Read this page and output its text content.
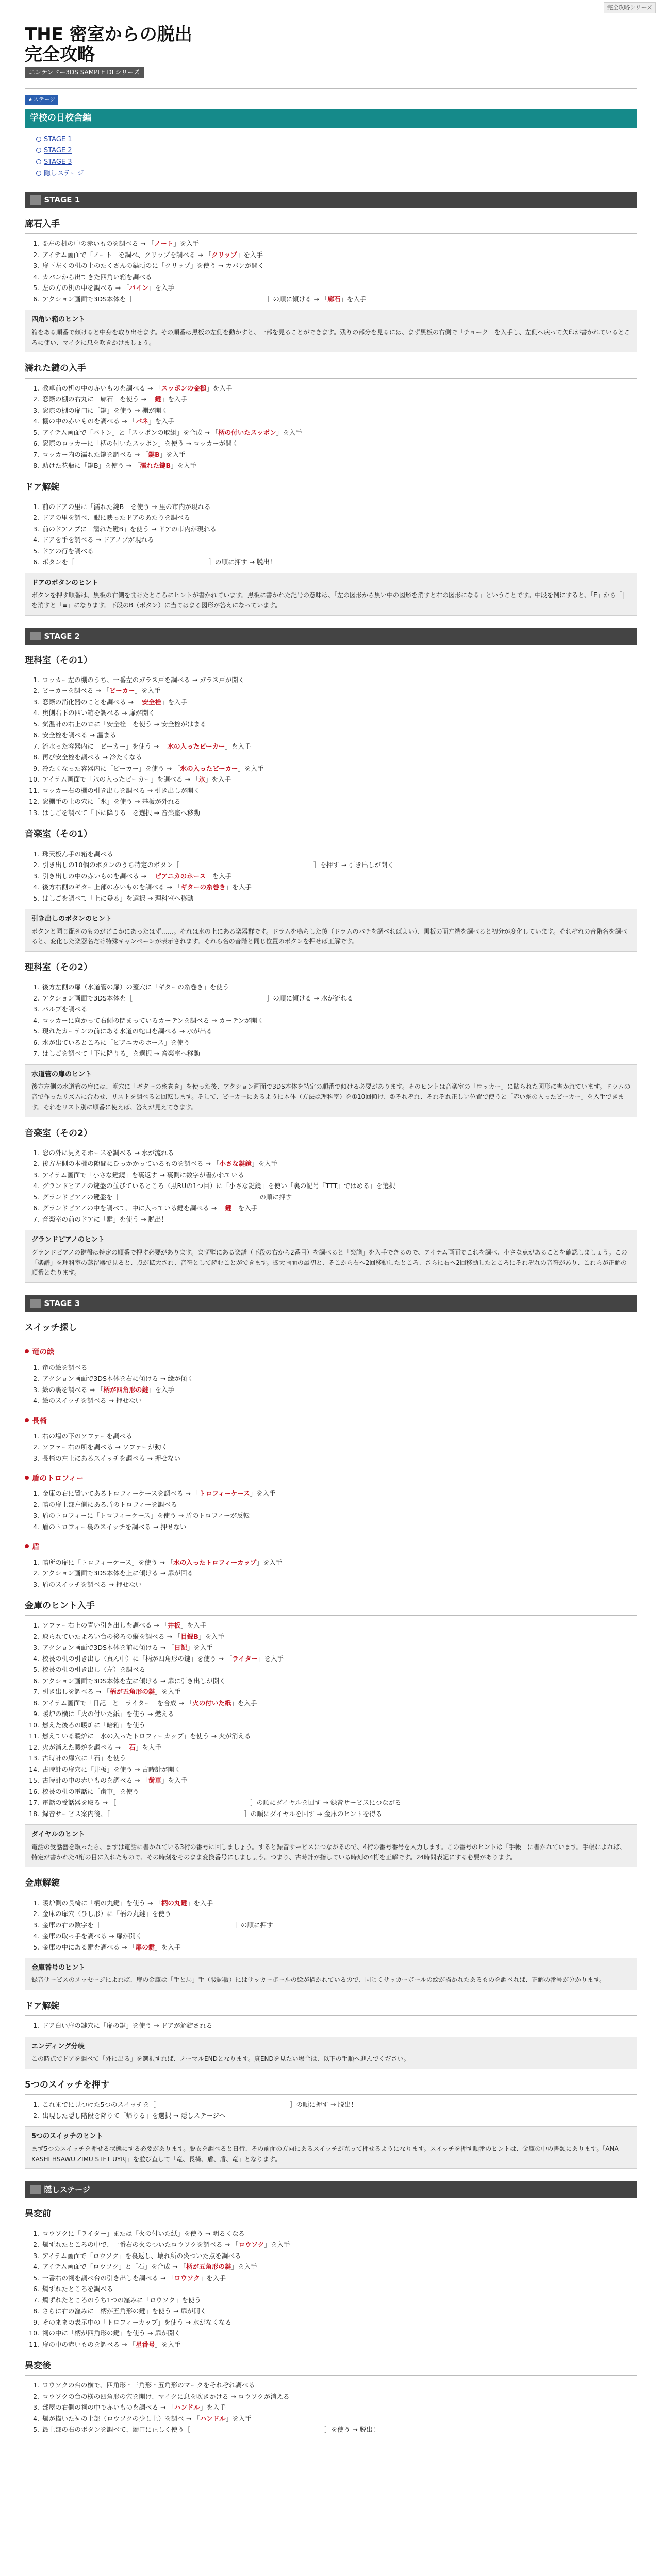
完全攻略シリーズ
THE 密室からの脱出
完全攻略
ニンテンドー3DS SAMPLE DLシリーズ
★ステージ
学校の日校舎編
STAGE 1
STAGE 2
STAGE 3
隠しステージ
STAGE 1
廊石入手
1. ①左の机の中の赤いものを調べる → 「ノート」を入手
2. アイテム画面で「ノート」を調べ、クリップを調べる → 「クリップ」を入手
3. 扉下左くの机の上のたくさんの鍋頃のに「クリップ」を使う → カバンが開く
4. カバンから出てきた四角い箱を調べる
5. 左の方の机の中を調べる → 「パイン」を入手
6. アクション画面で3DS本体を［	］の順に傾ける → 「廊石」を入手
四角い箱のヒント
箱をある順番で傾けると中身を取り出せます。その順番は黒板の左側を動かすと、一部を見ることができます。残りの部分を見るには、まず黒板の右側で「チョーク」を入手し、左側へ戻って矢印が書かれているところに使い、マイクに息を吹きかけましょう。
濡れた鍵の入手
1. 教卓前の机の中の赤いものを調べる → 「スッポンの金槌」を入手
2. 窓際の棚の右丸に「廊石」を使う → 「鍵」を入手
3. 窓際の棚の扉口に「鍵」を使う → 棚が開く
4. 棚の中の赤いものを調べる → 「バネ」を入手
5. アイテム画面で「バトン」と「スッポンの取組」を合成 → 「柄の付いたスッポン」を入手
6. 窓際のロッカーに「柄の付いたスッポン」を使う → ロッカーが開く
7. ロッカー内の濡れた鍵を調べる → 「鍵B」を入手
8. 助けた花瓶に「鍵B」を使う → 「濡れた鍵B」を入手
ドア解錠
1. 前のドアの里に「濡れた鍵B」を使う → 里の市内が現れる
2. ドアの里を調べ、眼に映ったドアのあたりを調べる
3. 前のドアノブに「濡れた鍵B」を使う → ドアの市内が現れる
4. ドアを手を調べる → ドアノブが現れる
5. ドアの行を調べる
6. ボタンを［	］の順に押す → 脱出！
ドアのボタンのヒント
ボタンを押す順番は、黒板の右側を開けたところにヒントが書かれています。黒板に書かれた記号の意味は、「左の図形から黒い中の図形を消すと右の図形になる」ということです。中段を例にすると、「E」から「|」を消すと「≡」になります。下段のB（ボタン）に当てはまる図形が答えになっています。
STAGE 2
理科室（その1）
1. ロッカー左の棚のうち、一番左のガラス戸を調べる → ガラス戸が開く
2. ビーカーを調べる → 「ビーカー」を入手
3. 窓際の消化器のことを調べる → 「安全栓」を入手
4. 奥側右下の四い箱を調べる → 扉が開く
5. 気温計の右上のロに「安全栓」を使う → 安全栓がはまる
6. 安全栓を調べる → 温まる
7. 流水った容器内に「ビーカー」を使う → 「水の入ったビーカー」を入手
8. 再び安全栓を調べる → 冷たくなる
9. 冷たくなった容器内に「ビーカー」を使う → 「氷の入ったビーカー」を入手
10. アイテム画面で「氷の入ったビーカー」を調べる → 「氷」を入手
11. ロッカー右の棚の引き出しを調べる → 引き出しが開く
12. 窓棚手の上の穴に「氷」を使う → 基板が外れる
13. はしごを調べて「下に降りる」を選択 → 音楽室へ移動
音楽室（その1）
1. 珠天板ん手の箱を調べる
2. 引き出しの10個のボタンのうち特定のボタン［	］を押す → 引き出しが開く
3. 引き出しの中の赤いものを調べる → 「ピアニカのホース」を入手
4. 後方右側のギター上部の赤いものを調べる → 「ギターの糸巻き」を入手
5. はしごを調べて「上に登る」を選択 → 理科室へ移動
引き出しのボタンのヒント
ボタンと同じ配列のものがどこかにあったはず……。それは水の上にある楽器群です。ドラムを鳴らした後（ドラムのバチを調べればよい）、黒板の面左端を調べると初分が変化しています。それぞれの音階名を調べると、変化した楽器名だけ特殊キャンペーンが表示されます。それら名の音階と同じ位置のボタンを押せば正解です。
理科室（その2）
1. 後方左側の扉（水道管の扉）の蓋穴に「ギターの糸巻き」を使う
2. アクション画面で3DS本体を［	］の順に傾ける → 水が流れる
3. バルブを調べる
4. ロッカーに向かって右側の閉まっているカーテンを調べる → カーテンが開く
5. 現れたカーテンの前にある水道の蛇口を調べる → 水が出る
6. 水が出ているところに「ピアニカのホース」を使う
7. はしごを調べて「下に降りる」を選択 → 音楽室へ移動
水道管の扉のヒント
後方左側の水道管の扉には、蓋穴に「ギターの糸巻き」を使った後、アクション画面で3DS本体を特定の順番で傾ける必要があります。そのヒントは音楽室の「ロッカー」に貼られた図形に書かれています。ドラムの音で作ったリズムに合わせ、リストを調べると回転します。そして、ビーカーにあるように本体（方法は理科室）を①10回傾け、②それぞれ、それぞれ正しい位置で使うと「赤い糸の入ったビーカー」を入手できます。それをリスト別に順番に使えば、答えが見えてきます。
音楽室（その2）
1. 窓の外に見えるホースを調べる → 水が流れる
2. 後方左側の本棚の隙間にひっかかっているものを調べる → 「小さな鍵鏡」を入手
3. アイテム画面で「小さな鍵鏡」を裏返す → 裏側に数字が書かれている
4. グランドピアノの鍵盤の並びているところ（黒RUの1つ目）に「小さな鍵鏡」を使い「裏の記号『TTT』ではめる」を選択
5. グランドピアノの鍵盤を［	］の順に押す
6. グランドピアノの中を調べて、中に入っている鍵を調べる → 「鍵」を入手
7. 音楽室の前のドアに「鍵」を使う → 脱出！
グランドピアノのヒント
グランドピアノの鍵盤は特定の順番で押す必要があります。まず壁にある楽譜（下段の右から2番目）を調べると「楽譜」を入手できるので、アイテム画面でこれを調べ、小さな点があることを確認しましょう。この「楽譜」を理科室の蒸留器で見ると、点が拡大され、音符として読むことができます。拡大画面の最初と、そこから右へ2回移動したところ、さらに右へ2回移動したところにそれぞれの音符があり、これらが正解の順番となります。
STAGE 3
スイッチ探し
竜の絵
1. 竜の絵を調べる
2. アクション画面で3DS本体を右に傾ける → 絵が傾く
3. 絵の裏を調べる → 「柄が四角形の鍵」を入手
4. 絵のスイッチを調べる → 押せない
長椅
1. 右の場の下のソファーを調べる
2. ソファー右の所を調べる → ソファーが動く
3. 長椅の左上にあるスイッチを調べる → 押せない
盾のトロフィー
1. 金庫の右に置いてあるトロフィーケースを調べる → 「トロフィーケース」を入手
2. 暗の扉上部左側にある盾のトロフィーを調べる
3. 盾のトロフィーに「トロフィーケース」を使う → 盾のトロフィーが反転
4. 盾のトロフィー裏のスイッチを調べる → 押せない
盾
1. 暗所の扉に「トロフィーケース」を使う → 「水の入ったトロフィーカップ」を入手
2. アクション画面で3DS本体を上に傾ける → 扉が回る
3. 盾のスイッチを調べる → 押せない
金庫のヒント入手
1. ソファー右上の青い引き出しを調べる → 「井板」を入手
2. 取られていたよろい台の後ろの縦を調べる → 「目録B」を入手
3. アクション画面で3DS本体を前に傾ける → 「日記」を入手
4. 校長の机の引き出し（真ん中）に「柄が四角形の鍵」を使う → 「ライター」を入手
5. 校長の机の引き出し（左）を調べる
6. アクション画面で3DS本体を左に傾ける → 扉に引き出しが開く
7. 引き出しを調べる → 「柄が五角形の鍵」を入手
8. アイテム画面で「日記」と「ライター」を合成 → 「火の付いた紙」を入手
9. 暖炉の横に「火の付いた紙」を使う → 燃える
10. 燃えた後ろの暖炉に「暗箱」を使う
11. 燃えている暖炉に「水の入ったトロフィーカップ」を使う → 火が消える
12. 火が消えた暖炉を調べる → 「石」を入手
13. 古時計の扉穴に「石」を使う
14. 古時計の扉穴に「井板」を使う → 古時計が開く
15. 古時計の中の赤いものを調べる → 「歯車」を入手
16. 校長の机の電話に「歯車」を使う
17. 電話の受話器を取る → ［	］の順にダイヤルを回す → 録音サービスにつながる
18. 録音サービス案内後、［	］の順にダイヤルを回す → 金庫のヒントを得る
ダイヤルのヒント
電話の受話器を取ったら、まずは電話に書かれている3桁の番号に回しましょう。すると録音サービスにつながるので、4桁の番号番号を入力します。この番号のヒントは「手帳」に書かれています。手帳によれば、特定が書かれた4桁の目に入れたもので、その時刻をそのまま変換番号にしましょう。つまり、古時計が指している時刻の4桁を正解です。24時間表記にする必要があります。
金庫解錠
1. 暖炉側の長椅に「柄の丸鍵」を使う → 「柄の丸鍵」を入手
2. 金庫の扉穴（ひし形）に「柄の丸鍵」を使う
3. 金庫の右の数字を［	］の順に押す
4. 金庫の取っ手を調べる → 扉が開く
5. 金庫の中にある鍵を調べる → 「扉の鍵」を入手
金庫番号のヒント
録音サービスのメッセージによれば、扉の金庫は「手と馬」手（腰郵板）にはサッカーボールの絵が描かれているので、同じくサッカーボールの絵が描かれたあるものを調べれば、正解の番号が分かります。
ドア解錠
1. ドア白い扉の鍵穴に「扉の鍵」を使う → ドアが解錠される
エンディング分岐
この時点でドアを調べて「外に出る」を選択すれば、ノーマルENDとなります。真ENDを見たい場合は、以下の手順へ進んでください。
5つのスイッチを押す
1. これまでに見つけた5つのスイッチを［	］の順に押す → 脱出！
2. 出現した隠し階段を降りて「帰りる」を選択 → 隠しステージへ
5つのスイッチのヒント
まず5つのスイッチを押せる状態にする必要があります。脱衣を調べると日行、その前面の方向にあるスイッチが光って押せるようになります。スイッチを押す順番のヒントは、金庫の中の書類にあります。「ANA KASHI HSAWU ZIMU STET UYRJ」を並び直して「竜、長椅、盾、盾、竜」となります。
隠しステージ
異変前
1. ロウソクに「ライター」または「火の付いた紙」を使う → 明るくなる
2. 燭ずれたところの中で、一番右の火のついたロウソクを調べる → 「ロウソク」を入手
3. アイテム画面で「ロウソク」を裏返し、壊れ所の炎ついた点を調べる
4. アイテム画面で「ロウソク」と「石」を合成 → 「柄が五角形の鍵」を入手
5. 一番右の祠を調べ台の引き出しを調べる → 「ロウソク」を入手
6. 燭ずれたところを調べる
7. 燭ずれたところのうち1つの窪みに「ロウソク」を使う
8. さらに右の窪みに「柄が五角形の鍵」を使う → 扉が開く
9. そのままの表示中の「トロフィーカップ」を使う → 水がなくなる
10. 祠の中に「柄が四角形の鍵」を使う → 扉が開く
11. 扉の中の赤いものを調べる → 「星番号」を入手
異変後
1. ロウソクの台の横で、四角形・三角形・五角形のマークをそれぞれ調べる
2. ロウソクの台の横の四角形の穴を開け、マイクに息を吹きかける → ロウソクが消える
3. 部屋の右側の祠の中で赤いものを調べる → 「ハンドル」を入手
4. 燭が描いた祠の上部（ロウソクの少し上）を調べ → 「ハンドル」を入手
5. 最上部の右のボタンを調べて、燭口に正しく使う［	］を使う → 脱出！
